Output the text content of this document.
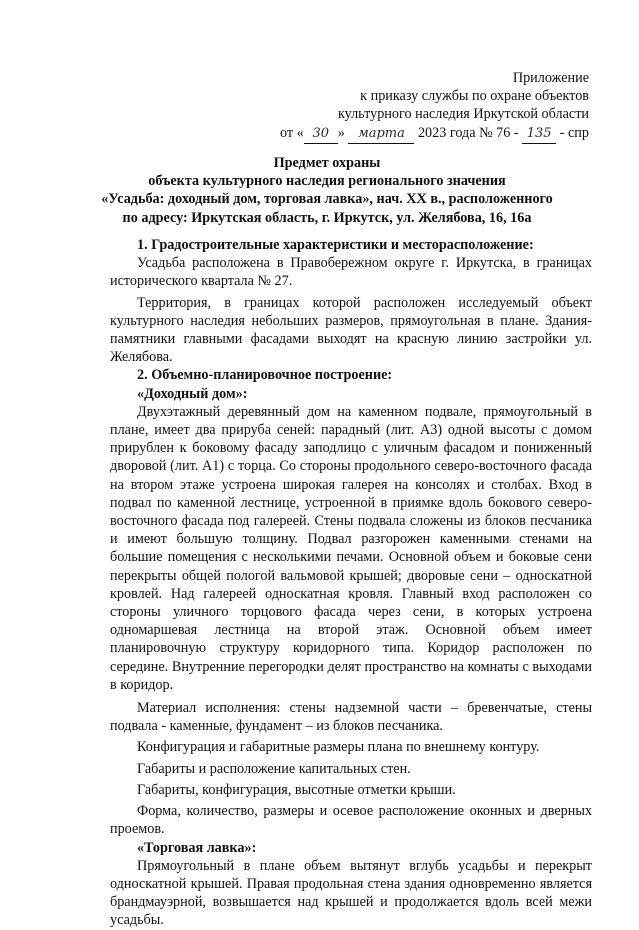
Приложение
к приказу службы по охране объектов
культурного наследия Иркутской области
от « 30 » марта 2023 года № 76 - 135 - спр
Предмет охраны
объекта культурного наследия регионального значения
«Усадьба: доходный дом, торговая лавка», нач. XX в., расположенного
по адресу: Иркутская область, г. Иркутск, ул. Желябова, 16, 16а

1. Градостроительные характеристики и месторасположение:

Усадьба расположена в Правобережном округе г. Иркутска, в границах исторического квартала № 27.

Территория, в границах которой расположен исследуемый объект культурного наследия небольших размеров, прямоугольная в плане. Здания-памятники главными фасадами выходят на красную линию застройки ул. Желябова.

2. Объемно-планировочное построение:

«Доходный дом»:

Двухэтажный деревянный дом на каменном подвале, прямоугольный в плане, имеет два прируба сеней: парадный (лит. А3) одной высоты с домом прирублен к боковому фасаду заподлицо с уличным фасадом и пониженный дворовой (лит. А1) с торца. Со стороны продольного северо-восточного фасада на втором этаже устроена широкая галерея на консолях и столбах. Вход в подвал по каменной лестнице, устроенной в приямке вдоль бокового северо-восточного фасада под галереей. Стены подвала сложены из блоков песчаника и имеют большую толщину. Подвал разгорожен каменными стенами на большие помещения с несколькими печами. Основной объем и боковые сени перекрыты общей пологой вальмовой крышей; дворовые сени – односкатной кровлей. Над галереей односкатная кровля. Главный вход расположен со стороны уличного торцового фасада через сени, в которых устроена одномаршевая лестница на второй этаж. Основной объем имеет планировочную структуру коридорного типа. Коридор расположен по середине. Внутренние перегородки делят пространство на комнаты с выходами в коридор.

Материал исполнения: стены надземной части – бревенчатые, стены подвала - каменные, фундамент – из блоков песчаника.

Конфигурация и габаритные размеры плана по внешнему контуру.

Габариты и расположение капитальных стен.

Габариты, конфигурация, высотные отметки крыши.

Форма, количество, размеры и осевое расположение оконных и дверных проемов.

«Торговая лавка»:

Прямоугольный в плане объем вытянут вглубь усадьбы и перекрыт односкатной крышей. Правая продольная стена здания одновременно является брандмауэрной, возвышается над крышей и продолжается вдоль всей межи усадьбы.
